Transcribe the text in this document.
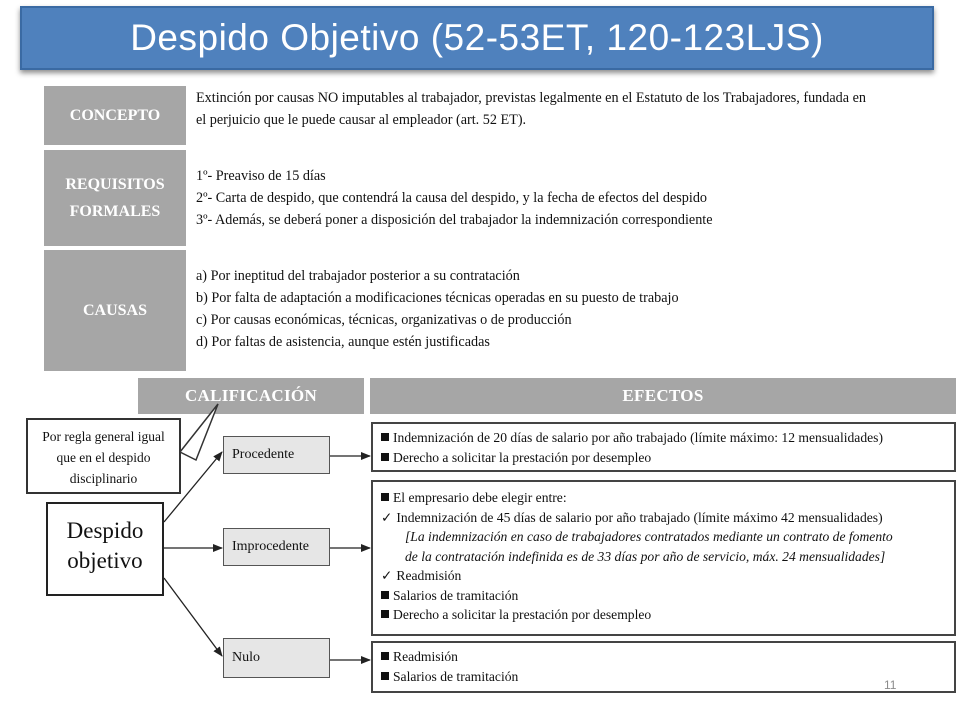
Despido Objetivo (52-53ET, 120-123LJS)
CONCEPTO
Extinción por causas NO imputables al trabajador, previstas legalmente en el Estatuto de los Trabajadores, fundada en
el perjuicio que le puede causar al empleador (art. 52 ET).
REQUISITOS
FORMALES
1º- Preaviso de 15 días
2º- Carta de despido, que contendrá la causa del despido, y la fecha de efectos del despido
3º- Además, se deberá poner a disposición del trabajador la indemnización correspondiente
CAUSAS
a) Por ineptitud del trabajador posterior a su contratación
b) Por falta de adaptación a modificaciones técnicas operadas en su puesto de trabajo
c) Por causas económicas, técnicas, organizativas o de producción
d) Por faltas de asistencia, aunque estén justificadas
CALIFICACIÓN	EFECTOS
Por regla general igual
que en el despido
disciplinario
Despido
objetivo
Procedente
Improcedente
Nulo
Indemnización de 20 días de salario por año trabajado (límite máximo: 12 mensualidades)
Derecho a solicitar la prestación por desempleo
El empresario debe elegir entre:
✓ Indemnización de 45 días de salario por año trabajado (límite máximo 42 mensualidades)
[La indemnización en caso de trabajadores contratados mediante un contrato de fomento
de la contratación indefinida es de 33 días por año de servicio, máx. 24 mensualidades]
✓ Readmisión
Salarios de tramitación
Derecho a solicitar la prestación por desempleo
Readmisión
Salarios de tramitación
11
